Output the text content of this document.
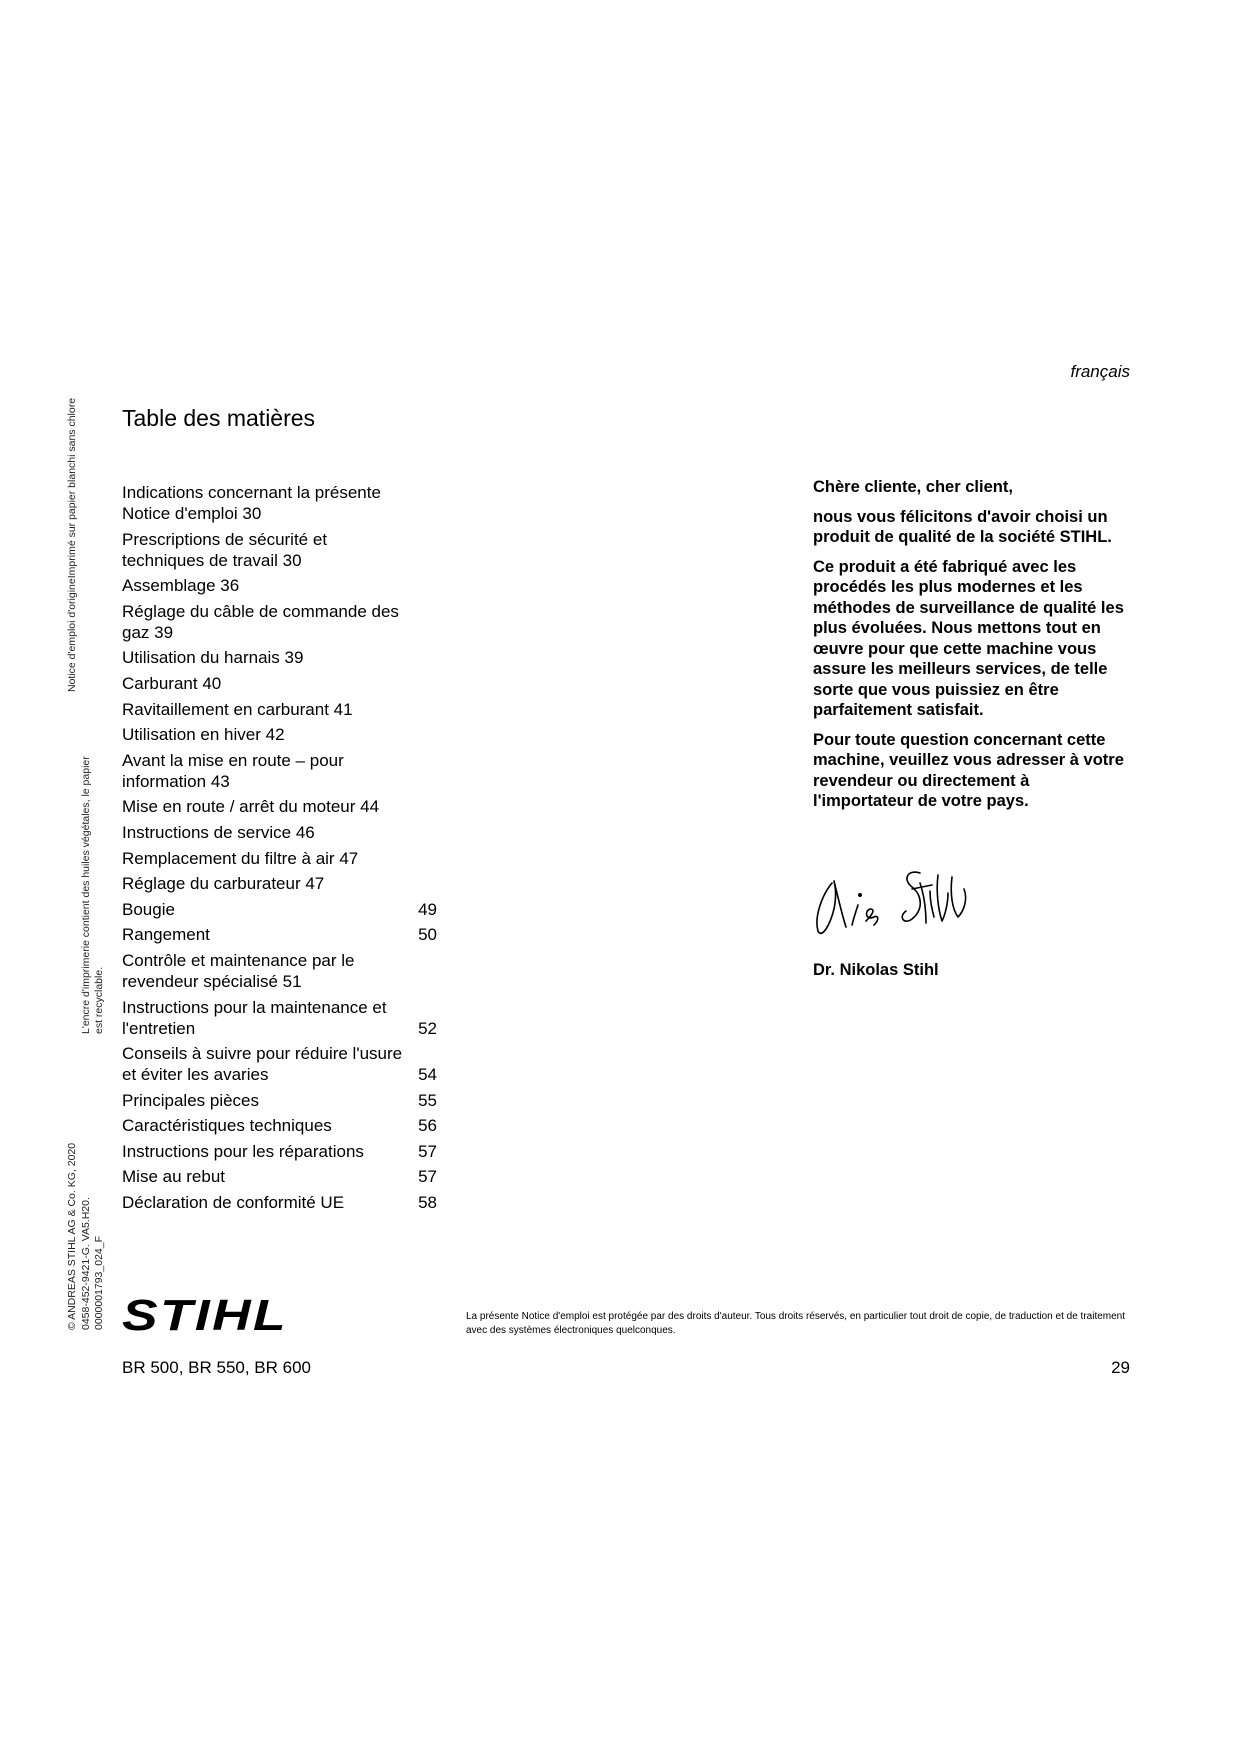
Notice d'emploi d'origineImprimé sur papier blanchi sans chlore
L'encre d'imprimerie contient des huiles végétales, le papier est recyclable.
© ANDREAS STIHL AG & Co. KG, 2020 0458-452-9421-G. VA5.H20. 0000001793_024_F
français
Table des matières
Indications concernant la présente Notice d'emploi 30
Prescriptions de sécurité et techniques de travail 30
Assemblage 36
Réglage du câble de commande des gaz 39
Utilisation du harnais 39
Carburant 40
Ravitaillement en carburant 41
Utilisation en hiver 42
Avant la mise en route – pour information 43
Mise en route / arrêt du moteur 44
Instructions de service 46
Remplacement du filtre à air 47
Réglage du carburateur 47
Bougie	49
Rangement	50
Contrôle et maintenance par le revendeur spécialisé 51
Instructions pour la maintenance et l'entretien	52
Conseils à suivre pour réduire l'usure et éviter les avaries	54
Principales pièces	55
Caractéristiques techniques	56
Instructions pour les réparations	57
Mise au rebut	57
Déclaration de conformité UE	58

Chère cliente, cher client,

nous vous félicitons d'avoir choisi un produit de qualité de la société STIHL.

Ce produit a été fabriqué avec les procédés les plus modernes et les méthodes de surveillance de qualité les plus évoluées. Nous mettons tout en œuvre pour que cette machine vous assure les meilleurs services, de telle sorte que vous puissiez en être parfaitement satisfait.

Pour toute question concernant cette machine, veuillez vous adresser à votre revendeur ou directement à l'importateur de votre pays.

Dr. Nikolas Stihl
STIHL	La présente Notice d'emploi est protégée par des droits d'auteur. Tous droits réservés, en particulier tout droit de copie, de traduction et de traitement avec des systèmes électroniques quelconques.
BR 500, BR 550, BR 600	29
